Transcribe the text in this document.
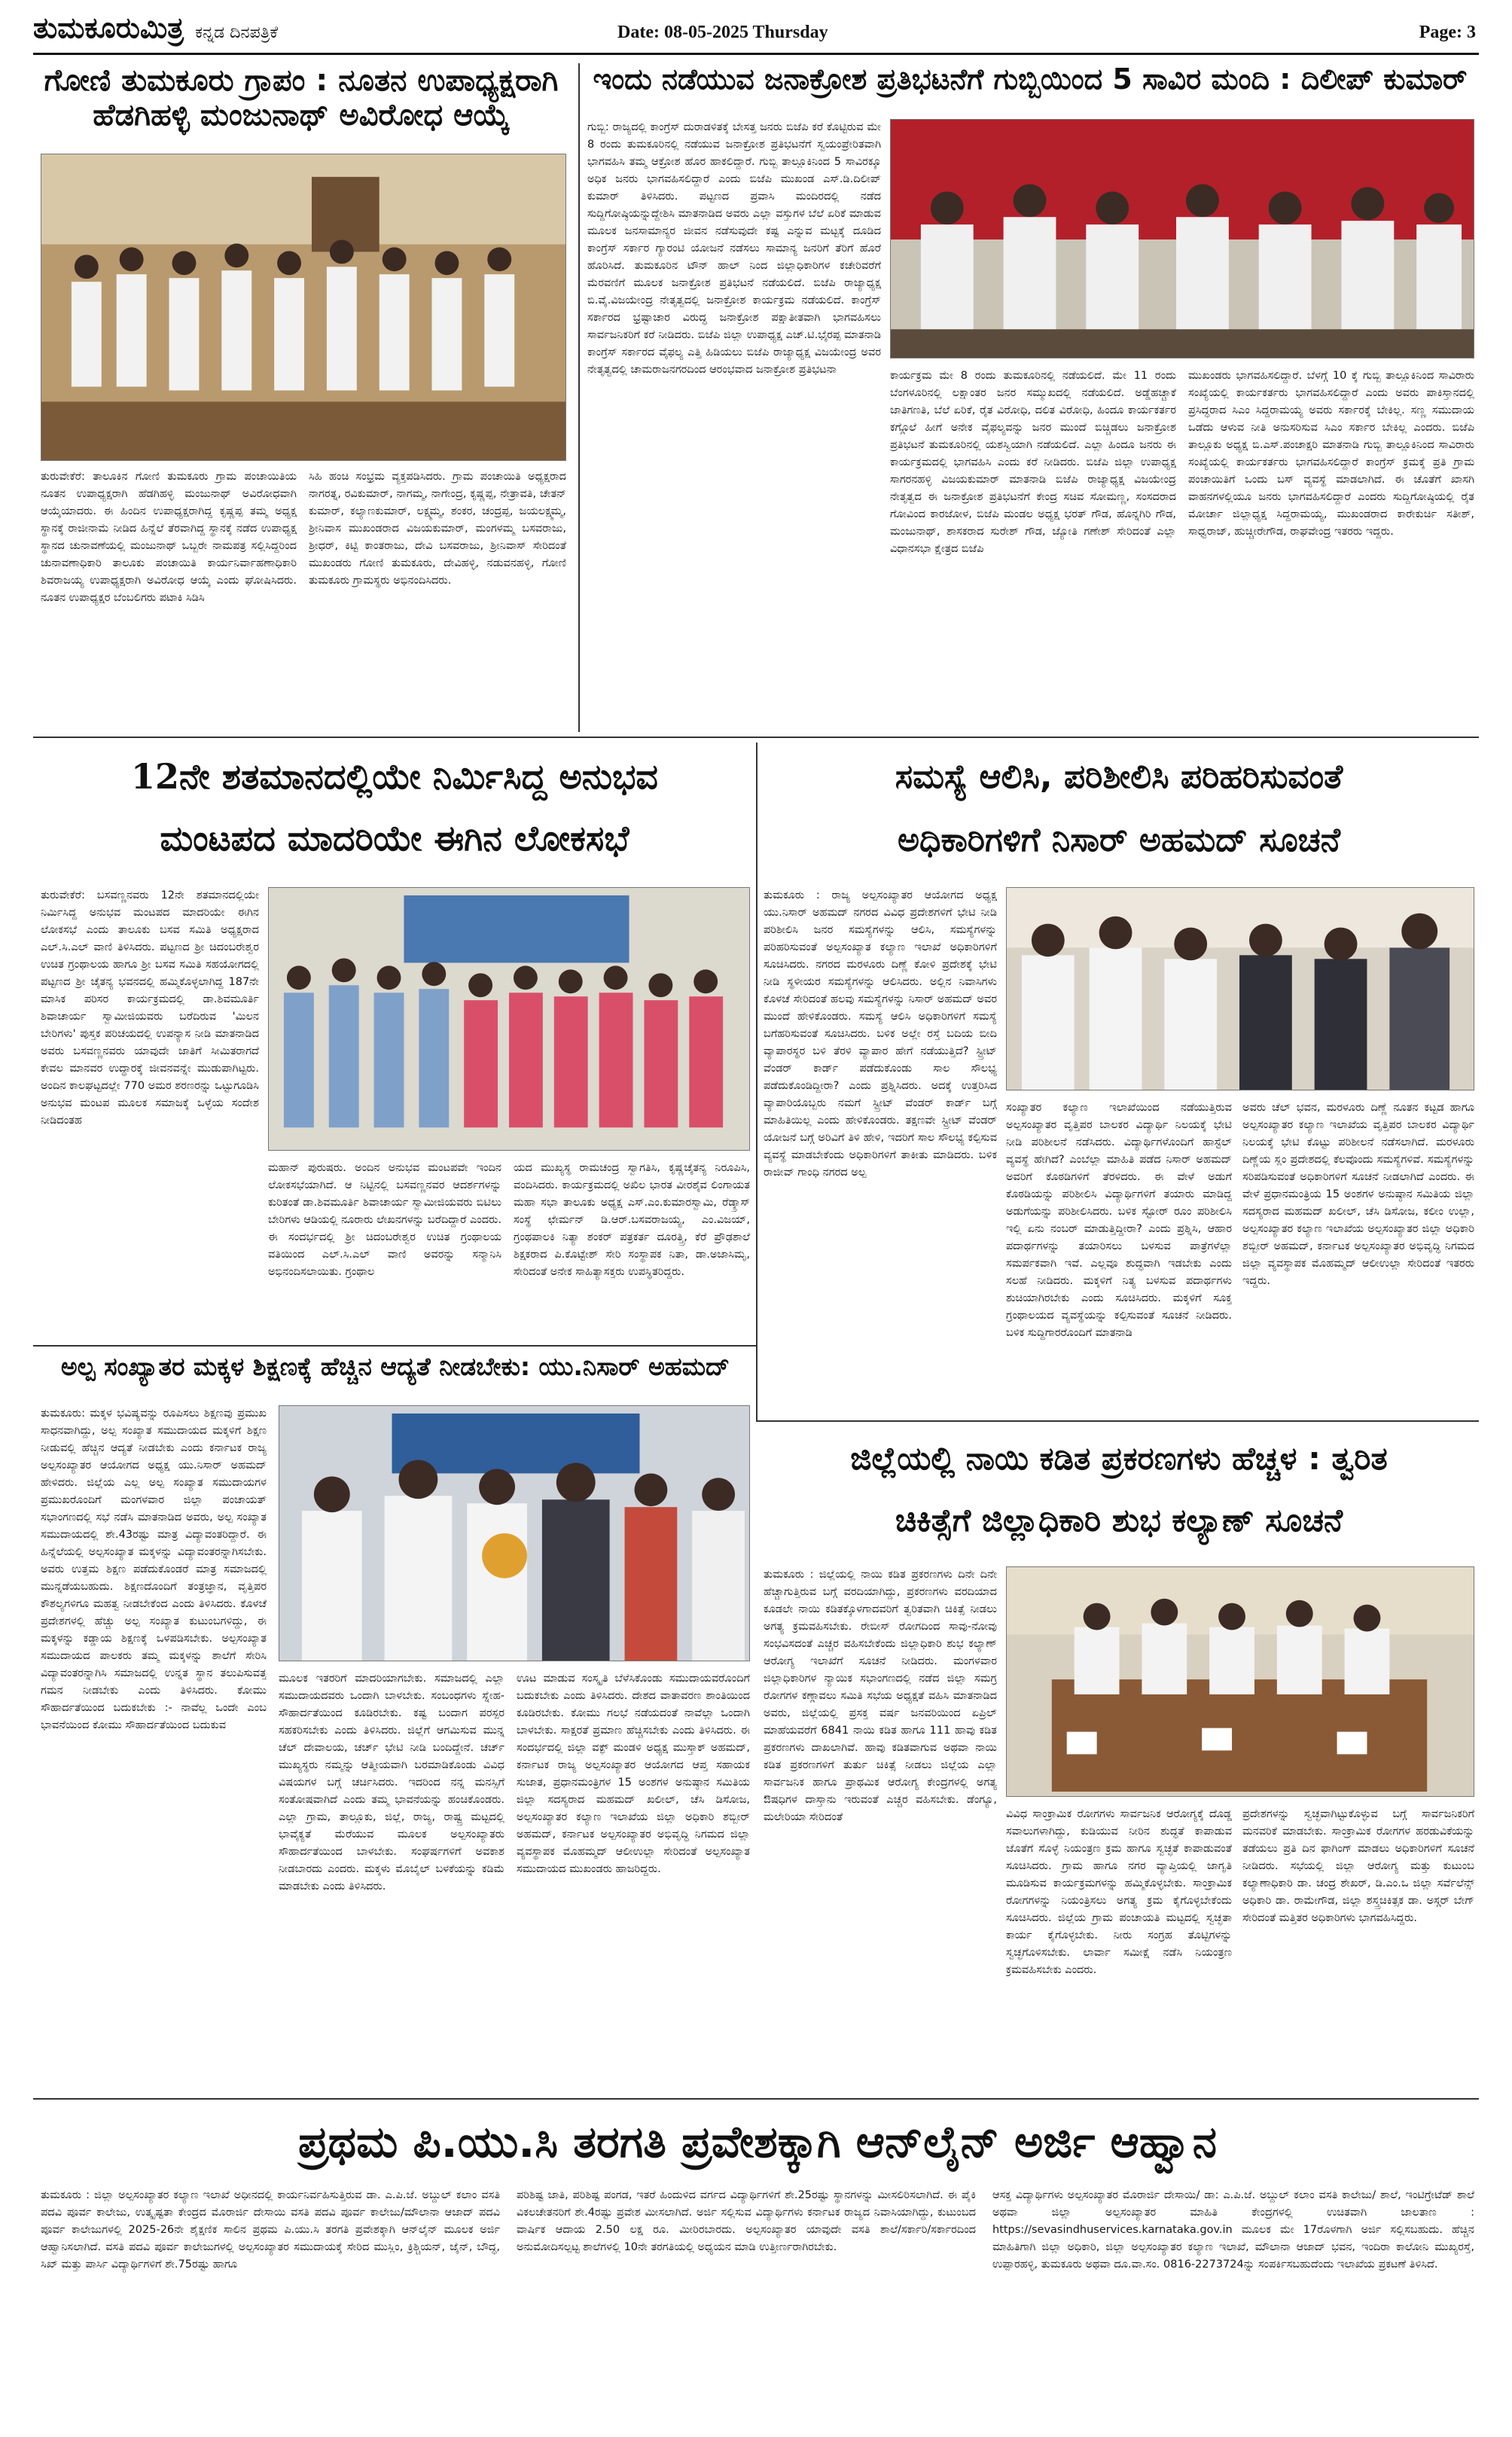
ತುಮಕೂರುಮಿತ್ರ ಕನ್ನಡ ದಿನಪತ್ರಿಕೆ	Date: 08-05-2025 Thursday	Page: 3
ಗೋಣಿ ತುಮಕೂರು ಗ್ರಾಪಂ : ನೂತನ ಉಪಾಧ್ಯಕ್ಷರಾಗಿ
ಹೆಡಗಿಹಳ್ಳಿ ಮಂಜುನಾಥ್ ಅವಿರೋಧ ಆಯ್ಕೆ
ತುರುವೇಕೆರೆ: ತಾಲೂಕಿನ ಗೋಣಿ ತುಮಕೂರು ಗ್ರಾಮ ಪಂಚಾಯಿತಿಯ ನೂತನ ಉಪಾಧ್ಯಕ್ಷರಾಗಿ ಹೆಡಗಿಹಳ್ಳಿ ಮಂಜುನಾಥ್ ಅವಿರೋಧವಾಗಿ ಆಯ್ಕೆಯಾದರು. ಈ ಹಿಂದಿನ ಉಪಾಧ್ಯಕ್ಷರಾಗಿದ್ದ ಕೃಷ್ಣಪ್ಪ ತಮ್ಮ ಅಧ್ಯಕ್ಷ ಸ್ಥಾನಕ್ಕೆ ರಾಜೀನಾಮೆ ನೀಡಿದ ಹಿನ್ನೆಲೆ ತೆರವಾಗಿದ್ದ ಸ್ಥಾನಕ್ಕೆ ನಡೆದ ಉಪಾಧ್ಯಕ್ಷ ಸ್ಥಾನದ ಚುನಾವಣೆಯಲ್ಲಿ ಮಂಜುನಾಥ್ ಒಬ್ಬರೇ ನಾಮಪತ್ರ ಸಲ್ಲಿಸಿದ್ದರಿಂದ ಚುನಾವಣಾಧಿಕಾರಿ ತಾಲೂಕು ಪಂಚಾಯಿತಿ ಕಾರ್ಯನಿರ್ವಾಹಣಾಧಿಕಾರಿ ಶಿವರಾಜಯ್ಯ ಉಪಾಧ್ಯಕ್ಷರಾಗಿ ಅವಿರೋಧ ಆಯ್ಕೆ ಎಂದು ಘೋಷಿಸಿದರು. ನೂತನ ಉಪಾಧ್ಯಕ್ಷರ ಬೆಂಬಲಿಗರು ಪಟಾಕಿ ಸಿಡಿಸಿ
ಸಿಹಿ ಹಂಚಿ ಸಂಭ್ರಮ ವ್ಯಕ್ತಪಡಿಸಿದರು. ಗ್ರಾಮ ಪಂಚಾಯಿತಿ ಅಧ್ಯಕ್ಷರಾದ ನಾಗರತ್ನ, ರವಿಕುಮಾರ್, ನಾಗಮ್ಮ, ನಾಗೇಂದ್ರ, ಕೃಷ್ಣಪ್ಪ, ನೇತ್ರಾವತಿ, ಚೇತನ್ ಕುಮಾರ್, ಕಲ್ಯಾಣಕುಮಾರ್, ಲಕ್ಷ್ಮಮ್ಮ, ಶಂಕರ, ಚಂದ್ರಪ್ಪ, ಜಯಲಕ್ಷ್ಮಮ್ಮ, ಶ್ರೀನಿವಾಸ ಮುಖಂಡರಾದ ವಿಜಯಕುಮಾರ್, ಮಂಗಳಮ್ಮ ಬಸವರಾಜು, ಶ್ರೀಧರ್, ಕಿಟ್ಟಿ ಕಾಂತರಾಜು, ದೇವಿ ಬಸವರಾಜು, ಶ್ರೀನಿವಾಸ್ ಸೇರಿದಂತೆ ಮುಖಂಡರು ಗೋಣಿ ತುಮಕೂರು, ದೇವಿಹಳ್ಳಿ, ನಡುವನಹಳ್ಳಿ, ಗೋಣಿ ತುಮಕೂರು ಗ್ರಾಮಸ್ಥರು ಅಭಿನಂದಿಸಿದರು.
ಇಂದು ನಡೆಯುವ ಜನಾಕ್ರೋಶ ಪ್ರತಿಭಟನೆಗೆ ಗುಬ್ಬಿಯಿಂದ 5 ಸಾವಿರ ಮಂದಿ : ದಿಲೀಪ್ ಕುಮಾರ್
ಗುಬ್ಬಿ: ರಾಜ್ಯದಲ್ಲಿ ಕಾಂಗ್ರೆಸ್ ದುರಾಡಳಿತಕ್ಕೆ ಬೇಸತ್ತ ಜನರು ಬಿಜೆಪಿ ಕರೆ ಕೊಟ್ಟಿರುವ ಮೇ 8 ರಂದು ತುಮಕೂರಿನಲ್ಲಿ ನಡೆಯುವ ಜನಾಕ್ರೋಶ ಪ್ರತಿಭಟನೆಗೆ ಸ್ವಯಂಪ್ರೇರಿತವಾಗಿ ಭಾಗವಹಿಸಿ ತಮ್ಮ ಆಕ್ರೋಶ ಹೊರ ಹಾಕಲಿದ್ದಾರೆ. ಗುಬ್ಬಿ ತಾಲ್ಲೂಕಿನಿಂದ 5 ಸಾವಿರಕ್ಕೂ ಅಧಿಕ ಜನರು ಭಾಗವಹಿಸಲಿದ್ದಾರೆ ಎಂದು ಬಿಜೆಪಿ ಮುಖಂಡ ಎಸ್.ಡಿ.ದಿಲೀಪ್ ಕುಮಾರ್ ತಿಳಿಸಿದರು. ಪಟ್ಟಣದ ಪ್ರವಾಸಿ ಮಂದಿರದಲ್ಲಿ ನಡೆದ ಸುದ್ದಿಗೋಷ್ಠಿಯನ್ನುದ್ದೇಶಿಸಿ ಮಾತನಾಡಿದ ಅವರು ಎಲ್ಲಾ ವಸ್ತುಗಳ ಬೆಲೆ ಏರಿಕೆ ಮಾಡುವ ಮೂಲಕ ಜನಸಾಮಾನ್ಯರ ಜೀವನ ನಡೆಸುವುದೇ ಕಷ್ಟ ಎನ್ನುವ ಮಟ್ಟಕ್ಕೆ ದೂಡಿದ ಕಾಂಗ್ರೆಸ್ ಸರ್ಕಾರ ಗ್ಯಾರಂಟಿ ಯೋಜನೆ ನಡೆಸಲು ಸಾಮಾನ್ಯ ಜನರಿಗೆ ತೆರಿಗೆ ಹೊರೆ ಹೊರಿಸಿದೆ. ತುಮಕೂರಿನ ಟೌನ್ ಹಾಲ್ ನಿಂದ ಜಿಲ್ಲಾಧಿಕಾರಿಗಳ ಕಚೇರಿವರೆಗೆ ಮೆರವಣಿಗೆ ಮೂಲಕ ಜನಾಕ್ರೋಶ ಪ್ರತಿಭಟನೆ ನಡೆಯಲಿದೆ. ಬಿಜೆಪಿ ರಾಜ್ಯಾಧ್ಯಕ್ಷ ಬಿ.ವೈ.ವಿಜಯೇಂದ್ರ ನೇತೃತ್ವದಲ್ಲಿ ಜನಾಕ್ರೋಶ ಕಾರ್ಯಕ್ರಮ ನಡೆಯಲಿದೆ. ಕಾಂಗ್ರೆಸ್ ಸರ್ಕಾರದ ಭ್ರಷ್ಟಾಚಾರ ವಿರುದ್ಧ ಜನಾಕ್ರೋಶ ಪಕ್ಷಾತೀತವಾಗಿ ಭಾಗವಹಿಸಲು ಸಾರ್ವಜನಿಕರಿಗೆ ಕರೆ ನೀಡಿದರು. ಬಿಜೆಪಿ ಜಿಲ್ಲಾ ಉಪಾಧ್ಯಕ್ಷ ಎಚ್.ಟಿ.ಭೈರಪ್ಪ ಮಾತನಾಡಿ ಕಾಂಗ್ರೆಸ್ ಸರ್ಕಾರದ ವೈಫಲ್ಯ ಎತ್ತಿ ಹಿಡಿಯಲು ಬಿಜೆಪಿ ರಾಜ್ಯಾಧ್ಯಕ್ಷ ವಿಜಯೇಂದ್ರ ಅವರ ನೇತೃತ್ವದಲ್ಲಿ ಚಾಮರಾಜನಗರದಿಂದ ಆರಂಭವಾದ ಜನಾಕ್ರೋಶ ಪ್ರತಿಭಟನಾ	ಕಾರ್ಯಕ್ರಮ ಮೇ 8 ರಂದು ತುಮಕೂರಿನಲ್ಲಿ ನಡೆಯಲಿದೆ. ಮೇ 11 ರಂದು ಬೆಂಗಳೂರಿನಲ್ಲಿ ಲಕ್ಷಾಂತರ ಜನರ ಸಮ್ಮುಖದಲ್ಲಿ ನಡೆಯಲಿದೆ. ಅಡ್ಡೆಹಚ್ಚಾಕೆ ಜಾತಿಗಣತಿ, ಬೆಲೆ ಏರಿಕೆ, ರೈತ ವಿರೋಧಿ, ದಲಿತ ವಿರೋಧಿ, ಹಿಂದೂ ಕಾರ್ಯಕರ್ತರ ಕಗ್ಗೊಲೆ ಹೀಗೆ ಅನೇಕ ವೈಫಲ್ಯವನ್ನು ಜನರ ಮುಂದೆ ಬಿಚ್ಚಿಡಲು ಜನಾಕ್ರೋಶ ಪ್ರತಿಭಟನೆ ತುಮಕೂರಿನಲ್ಲಿ ಯಶಸ್ವಿಯಾಗಿ ನಡೆಯಲಿದೆ. ಎಲ್ಲಾ ಹಿಂದೂ ಜನರು ಈ ಕಾರ್ಯಕ್ರಮದಲ್ಲಿ ಭಾಗವಹಿಸಿ ಎಂದು ಕರೆ ನೀಡಿದರು. ಬಿಜೆಪಿ ಜಿಲ್ಲಾ ಉಪಾಧ್ಯಕ್ಷ ಸಾಗರನಹಳ್ಳಿ ವಿಜಯಕುಮಾರ್ ಮಾತನಾಡಿ ಬಿಜೆಪಿ ರಾಜ್ಯಾಧ್ಯಕ್ಷ ವಿಜಯೇಂದ್ರ ನೇತೃತ್ವದ ಈ ಜನಾಕ್ರೋಶ ಪ್ರತಿಭಟನೆಗೆ ಕೇಂದ್ರ ಸಚಿವ ಸೋಮಣ್ಣ, ಸಂಸದರಾದ ಗೋವಿಂದ ಕಾರಜೋಳ, ಬಿಜೆಪಿ ಮಂಡಲ ಅಧ್ಯಕ್ಷ ಭರತ್ ಗೌಡ, ಹೊನ್ನಗಿರಿ ಗೌಡ, ಮಂಜುನಾಥ್, ಶಾಸಕರಾದ ಸುರೇಶ್ ಗೌಡ, ಜ್ಯೋತಿ ಗಣೇಶ್ ಸೇರಿದಂತೆ ಎಲ್ಲಾ ವಿಧಾನಸಭಾ ಕ್ಷೇತ್ರದ ಬಿಜೆಪಿ
ಮುಖಂಡರು ಭಾಗವಹಿಸಲಿದ್ದಾರೆ. ಬೆಳಗ್ಗೆ 10 ಕ್ಕೆ ಗುಬ್ಬಿ ತಾಲ್ಲೂಕಿನಿಂದ ಸಾವಿರಾರು ಸಂಖ್ಯೆಯಲ್ಲಿ ಕಾರ್ಯಕರ್ತರು ಭಾಗವಹಿಸಲಿದ್ದಾರೆ ಎಂದು ಅವರು ಪಾಕಿಸ್ತಾನದಲ್ಲಿ ಪ್ರಸಿದ್ಧರಾದ ಸಿಎಂ ಸಿದ್ದರಾಮಯ್ಯ ಅವರು ಸರ್ಕಾರಕ್ಕೆ ಬೇಕಿಲ್ಲ. ಸಣ್ಣ ಸಮುದಾಯ ಒಡೆದು ಆಳುವ ನೀತಿ ಅನುಸರಿಸುವ ಸಿಎಂ ಸರ್ಕಾರ ಬೇಕಿಲ್ಲ ಎಂದರು. ಬಿಜೆಪಿ ತಾಲ್ಲೂಕು ಅಧ್ಯಕ್ಷ ಬಿ.ಎಸ್.ಪಂಚಾಕ್ಷರಿ ಮಾತನಾಡಿ ಗುಬ್ಬಿ ತಾಲ್ಲೂಕಿನಿಂದ ಸಾವಿರಾರು ಸಂಖ್ಯೆಯಲ್ಲಿ ಕಾರ್ಯಕರ್ತರು ಭಾಗವಹಿಸಲಿದ್ದಾರೆ ಕಾಂಗ್ರೆಸ್ ಕ್ರಮಕ್ಕೆ ಪ್ರತಿ ಗ್ರಾಮ ಪಂಚಾಯಿತಿಗೆ ಒಂದು ಬಸ್ ವ್ಯವಸ್ಥೆ ಮಾಡಲಾಗಿದೆ. ಈ ಚೊತೆಗೆ ಖಾಸಗಿ ವಾಹನಗಳಲ್ಲಿಯೂ ಜನರು ಭಾಗವಹಿಸಲಿದ್ದಾರೆ ಎಂದರು ಸುದ್ದಿಗೋಷ್ಠಿಯಲ್ಲಿ ರೈತ ಮೋರ್ಚಾ ಜಿಲ್ಲಾಧ್ಯಕ್ಷ ಸಿದ್ದರಾಮಯ್ಯ, ಮುಖಂಡರಾದ ಕಾರೇಕುರ್ಚಿ ಸತೀಶ್, ಸಾಧ್ವರಾಜ್, ಹುಚ್ಚೀರೇಗೌಡ, ರಾಘವೇಂದ್ರ ಇತರರು ಇದ್ದರು.
12ನೇ ಶತಮಾನದಲ್ಲಿಯೇ ನಿರ್ಮಿಸಿದ್ದ ಅನುಭವ
ಮಂಟಪದ ಮಾದರಿಯೇ ಈಗಿನ ಲೋಕಸಭೆ
ತುರುವೇಕೆರೆ: ಬಸವಣ್ಣನವರು 12ನೇ ಶತಮಾನದಲ್ಲಿಯೇ ನಿರ್ಮಿಸಿದ್ದ ಅನುಭವ ಮಂಟಪದ ಮಾದರಿಯೇ ಈಗಿನ ಲೋಕಸಭೆ ಎಂದು ತಾಲೂಕು ಬಸವ ಸಮಿತಿ ಅಧ್ಯಕ್ಷರಾದ ಎಲ್.ಸಿ.ಎಲ್ ವಾಣಿ ತಿಳಿಸಿದರು. ಪಟ್ಟಣದ ಶ್ರೀ ಚಿದಂಬರೇಶ್ವರ ಉಚಿತ ಗ್ರಂಥಾಲಯ ಹಾಗೂ ಶ್ರೀ ಬಸವ ಸಮಿತಿ ಸಹಯೋಗದಲ್ಲಿ ಪಟ್ಟಣದ ಶ್ರೀ ಚೈತನ್ಯ ಭವನದಲ್ಲಿ ಹಮ್ಮಿಕೊಳ್ಳಲಾಗಿದ್ದ 187ನೇ ಮಾಸಿಕ ಪರಿಸರ ಕಾರ್ಯಕ್ರಮದಲ್ಲಿ ಡಾ.ಶಿವಮೂರ್ತಿ ಶಿವಾಚಾರ್ಯ ಸ್ವಾಮೀಜಿಯವರು ಬರೆದಿರುವ 'ಮಿಲನ ಬೇರಿಗಳು' ಪುಸ್ತಕ ಪರಿಚಯದಲ್ಲಿ ಉಪನ್ಯಾಸ ನೀಡಿ ಮಾತನಾಡಿದ ಅವರು ಬಸವಣ್ಣನವರು ಯಾವುದೇ ಜಾತಿಗೆ ಸೀಮಿತರಾಗದೆ ಕೇವಲ ಮಾನವರ ಉದ್ಧಾರಕ್ಕೆ ಜೀವನವನ್ನೇ ಮುಡುಪಾಗಿಟ್ಟರು. ಅಂದಿನ ಕಾಲಘಟ್ಟದಲ್ಲೇ 770 ಅಮರ ಶರಣರನ್ನು ಒಟ್ಟುಗೂಡಿಸಿ ಅನುಭವ ಮಂಟಪ ಮೂಲಕ ಸಮಾಜಕ್ಕೆ ಒಳ್ಳೆಯ ಸಂದೇಶ ನೀಡಿದಂತಹ
ಮಹಾನ್ ಪುರುಷರು. ಅಂದಿನ ಅನುಭವ ಮಂಟಪವೇ ಇಂದಿನ ಲೋಕಸಭೆಯಾಗಿದೆ. ಆ ನಿಟ್ಟಿನಲ್ಲಿ ಬಸವಣ್ಣನವರ ಆದರ್ಶಗಳನ್ನು ಕುರಿತಂತೆ ಡಾ.ಶಿವಮೂರ್ತಿ ಶಿವಾಚಾರ್ಯ ಸ್ವಾಮೀಜಿಯವರು ಬಿಟಿಲು ಬೇರಿಗಳು ಆಡಿಯಲ್ಲಿ ನೂರಾರು ಲೇಖನಗಳನ್ನು ಬರೆದಿದ್ದಾರೆ ಎಂದರು. ಈ ಸಂದರ್ಭದಲ್ಲಿ ಶ್ರೀ ಚಿದಂಬರೇಶ್ವರ ಉಚಿತ ಗ್ರಂಥಾಲಯ ವತಿಯಿಂದ ಎಲ್.ಸಿ.ಎಲ್ ವಾಣಿ ಅವರನ್ನು ಸನ್ಮಾನಿಸಿ ಅಭಿನಂದಿಸಲಾಯಿತು. ಗ್ರಂಥಾಲ
ಯದ ಮುಖ್ಯಸ್ಥ ರಾಮಚಂದ್ರ ಸ್ವಾಗತಿಸಿ, ಕೃಷ್ಣಚೈತನ್ಯ ನಿರೂಪಿಸಿ, ವಂದಿಸಿದರು. ಕಾರ್ಯಕ್ರಮದಲ್ಲಿ ಅಖಿಲ ಭಾರತ ವೀರಶೈವ ಲಿಂಗಾಯತ ಮಹಾ ಸಭಾ ತಾಲೂಕು ಅಧ್ಯಕ್ಷ ಎಸ್.ಎಂ.ಕುಮಾರಸ್ವಾಮಿ, ರೆಡ್ಕ್ರಾಸ್ ಸಂಸ್ಥೆ ಛೇರ್ಮನ್ ಡಿ.ಆರ್.ಬಸವರಾಜಯ್ಯ, ಎಂ.ವಿಜಯ್, ಗ್ರಂಥಪಾಲಕಿ ನಿತ್ಯಾ ಶಂಕರ್ ಪತ್ರಕರ್ತ ದೂರತ್ತ್ರಿ, ಕೆರೆ ಪ್ರೌಢಶಾಲೆ ಶಿಕ್ಷಕರಾದ ಪಿ.ಕೊಟ್ಟೇಶ್ ಸೇರಿ ಸಂಸ್ಥಾಪಕ ನಿತಾ, ಡಾ.ಅಜಾಸಿಮೃ, ಸೇರಿದಂತೆ ಅನೇಕ ಸಾಹಿತ್ಯಾಸಕ್ತರು ಉಪಸ್ಥಿತರಿದ್ದರು.
ಸಮಸ್ಯೆ ಆಲಿಸಿ, ಪರಿಶೀಲಿಸಿ ಪರಿಹರಿಸುವಂತೆ
ಅಧಿಕಾರಿಗಳಿಗೆ ನಿಸಾರ್ ಅಹಮದ್ ಸೂಚನೆ
ತುಮಕೂರು : ರಾಜ್ಯ ಅಲ್ಪಸಂಖ್ಯಾತರ ಆಯೋಗದ ಅಧ್ಯಕ್ಷ ಯು.ನಿಸಾರ್ ಅಹಮದ್ ನಗರದ ವಿವಿಧ ಪ್ರದೇಶಗಳಿಗೆ ಭೇಟಿ ನೀಡಿ ಪರಿಶೀಲಿಸಿ ಜನರ ಸಮಸ್ಯೆಗಳನ್ನು ಆಲಿಸಿ, ಸಮಸ್ಯೆಗಳನ್ನು ಪರಿಹರಿಸುವಂತೆ ಅಲ್ಪಸಂಖ್ಯಾತ ಕಲ್ಯಾಣ ಇಲಾಖೆ ಅಧಿಕಾರಿಗಳಿಗೆ ಸೂಚಿಸಿದರು. ನಗರದ ಮರಳೂರು ದಿಣ್ಣೆ ಕೋಳಿ ಪ್ರದೇಶಕ್ಕೆ ಭೇಟಿ ನೀಡಿ ಸ್ಥಳೀಯರ ಸಮಸ್ಯೆಗಳನ್ನು ಆಲಿಸಿದರು. ಅಲ್ಲಿನ ನಿವಾಸಿಗಳು ಕೊಳಚೆ ಸೇರಿದಂತೆ ಹಲವು ಸಮಸ್ಯೆಗಳನ್ನು ನಿಸಾರ್ ಅಹಮದ್ ಅವರ ಮುಂದೆ ಹೇಳಿಕೊಂಡರು. ಸಮಸ್ಯೆ ಆಲಿಸಿ ಅಧಿಕಾರಿಗಳಿಗೆ ಸಮಸ್ಯೆ ಬಗೆಹರಿಸುವಂತೆ ಸೂಚಿಸಿದರು. ಬಳಿಕ ಅಲ್ಲೇ ರಸ್ತೆ ಬದಿಯ ಬೀದಿ ವ್ಯಾಪಾರಸ್ಥರ ಬಳಿ ತೆರಳಿ ವ್ಯಾಪಾರ ಹೇಗೆ ನಡೆಯುತ್ತಿದೆ? ಸ್ಟ್ರೀಟ್ ವೆಂಡರ್ ಕಾರ್ಡ್ ಪಡೆದುಕೊಂಡು ಸಾಲ ಸೌಲಭ್ಯ ಪಡೆದುಕೊಂಡಿದ್ದೀರಾ? ಎಂದು ಪ್ರಶ್ನಿಸಿದರು. ಅದಕ್ಕೆ ಉತ್ತರಿಸಿದ ವ್ಯಾಪಾರಿಯೊಬ್ಬರು ನಮಗೆ ಸ್ಟ್ರೀಟ್ ವೆಂಡರ್ ಕಾರ್ಡ್ ಬಗ್ಗೆ ಮಾಹಿತಿಯಿಲ್ಲ ಎಂದು ಹೇಳಿಕೊಂಡರು. ತಕ್ಷಣವೇ ಸ್ಟ್ರೀಟ್ ವೆಂಡರ್ ಯೋಜನೆ ಬಗ್ಗೆ ಅರಿವಿಗೆ ತಿಳಿ ಹೇಳಿ, ಇದರಿಗೆ ಸಾಲ ಸೌಲಭ್ಯ ಕಲ್ಪಿಸುವ ವ್ಯವಸ್ಥೆ ಮಾಡಬೇಕೆಂದು ಅಧಿಕಾರಿಗಳಿಗೆ ತಾಕೀತು ಮಾಡಿದರು. ಬಳಿಕ ರಾಜೀವ್ ಗಾಂಧಿ ನಗರದ ಅಲ್ಪ
ಸಂಖ್ಯಾತರ ಕಲ್ಯಾಣ ಇಲಾಖೆಯಿಂದ ನಡೆಯುತ್ತಿರುವ ಅಲ್ಪಸಂಖ್ಯಾತರ ವೃತ್ತಿಪರ ಬಾಲಕರ ವಿದ್ಯಾರ್ಥಿ ನಿಲಯಕ್ಕೆ ಭೇಟಿ ನೀಡಿ ಪರಿಶೀಲನೆ ನಡೆಸಿದರು. ವಿದ್ಯಾರ್ಥಿಗಳೊಂದಿಗೆ ಹಾಸ್ಟೆಲ್ ವ್ಯವಸ್ಥೆ ಹೇಗಿದೆ? ಎಂಬೆಲ್ಲಾ ಮಾಹಿತಿ ಪಡೆದ ನಿಸಾರ್ ಅಹಮದ್ ಅವರಿಗೆ ಕೊಠಡಿಗಳಿಗೆ ತೆರಳಿದರು. ಈ ವೇಳೆ ಅಡುಗೆ ಕೊಠಡಿಯನ್ನು ಪರಿಶೀಲಿಸಿ ವಿದ್ಯಾರ್ಥಿಗಳಿಗೆ ತಯಾರು ಮಾಡಿದ್ದ ಅಡುಗೆಯನ್ನು ಪರಿಶೀಲಿಸಿದರು. ಬಳಿಕ ಸ್ಟೋರ್ ರೂಂ ಪರಿಶೀಲಿಸಿ ಇಲ್ಲಿ ಏನು ನಂಬರ್ ಮಾಡುತ್ತಿದ್ದೀರಾ? ಎಂದು ಪ್ರಶ್ನಿಸಿ, ಆಹಾರ ಪದಾರ್ಥಗಳನ್ನು ತಯಾರಿಸಲು ಬಳಸುವ ಪಾತ್ರೆಗಳೆಲ್ಲಾ ಸಮರ್ಪಕವಾಗಿ ಇವೆ. ಎಲ್ಲವೂ ಶುದ್ಧವಾಗಿ ಇಡಬೇಕು ಎಂದು ಸಲಹೆ ನೀಡಿದರು. ಮಕ್ಕಳಿಗೆ ನಿತ್ಯ ಬಳಸುವ ಪದಾರ್ಥಗಳು ಶುಚಿಯಾಗಿರಬೇಕು ಎಂದು ಸೂಚಿಸಿದರು. ಮಕ್ಕಳಿಗೆ ಸೂಕ್ತ ಗ್ರಂಥಾಲಯದ ವ್ಯವಸ್ಥೆಯನ್ನು ಕಲ್ಪಿಸುವಂತೆ ಸೂಚನೆ ನೀಡಿದರು. ಬಳಿಕ ಸುದ್ದಿಗಾರರೊಂದಿಗೆ ಮಾತನಾಡಿ
ಅವರು ಚೆಲ್ ಭವನ, ಮರಳೂರು ದಿಣ್ಣೆ ನೂತನ ಕಟ್ಟಡ ಹಾಗೂ ಅಲ್ಪಸಂಖ್ಯಾತರ ಕಲ್ಯಾಣ ಇಲಾಖೆಯ ವೃತ್ತಿಪರ ಬಾಲಕರ ವಿದ್ಯಾರ್ಥಿ ನಿಲಯಕ್ಕೆ ಭೇಟಿ ಕೊಟ್ಟು ಪರಿಶೀಲನೆ ನಡೆಸಲಾಗಿದೆ. ಮರಳೂರು ದಿಣ್ಣೆಯ ಸ್ಲಂ ಪ್ರದೇಶದಲ್ಲಿ ಕೆಲವೊಂದು ಸಮಸ್ಯೆಗಳಿವೆ. ಸಮಸ್ಯೆಗಳನ್ನು ಸರಿಪಡಿಸುವಂತೆ ಅಧಿಕಾರಿಗಳಿಗೆ ಸೂಚನೆ ನೀಡಲಾಗಿದೆ ಎಂದರು. ಈ ವೇಳೆ ಪ್ರಧಾನಮಂತ್ರಿಯ 15 ಅಂಶಗಳ ಅನುಷ್ಠಾನ ಸಮಿತಿಯ ಜಿಲ್ಲಾ ಸದಸ್ಯರಾದ ಮಹಮದ್ ಖಲೀಲ್, ಚೆಸಿ ಡಿಸೋಜ, ಕಲೀಂ ಉಲ್ಲಾ, ಅಲ್ಪಸಂಖ್ಯಾತರ ಕಲ್ಯಾಣ ಇಲಾಖೆಯ ಅಲ್ಪಸಂಖ್ಯಾತರ ಜಿಲ್ಲಾ ಅಧಿಕಾರಿ ಶಬ್ಬೀರ್ ಅಹಮದ್, ಕರ್ನಾಟಕ ಅಲ್ಪಸಂಖ್ಯಾತರ ಅಭಿವೃದ್ಧಿ ನಿಗಮದ ಜಿಲ್ಲಾ ವ್ಯವಸ್ಥಾಪಕ ಮೊಹಮ್ಮದ್ ಆಲೀಉಲ್ಲಾ ಸೇರಿದಂತೆ ಇತರರು ಇದ್ದರು.
ಅಲ್ಪ ಸಂಖ್ಯಾತರ ಮಕ್ಕಳ ಶಿಕ್ಷಣಕ್ಕೆ ಹೆಚ್ಚಿನ ಆದ್ಯತೆ ನೀಡಬೇಕು: ಯು.ನಿಸಾರ್ ಅಹಮದ್
ತುಮಕೂರು: ಮಕ್ಕಳ ಭವಿಷ್ಯವನ್ನು ರೂಪಿಸಲು ಶಿಕ್ಷಣವು ಪ್ರಮುಖ ಸಾಧನವಾಗಿದ್ದು, ಅಲ್ಪ ಸಂಖ್ಯಾತ ಸಮುದಾಯದ ಮಕ್ಕಳಿಗೆ ಶಿಕ್ಷಣ ನೀಡುವಲ್ಲಿ ಹೆಚ್ಚಿನ ಆದ್ಯತೆ ನೀಡಬೇಕು ಎಂದು ಕರ್ನಾಟಕ ರಾಜ್ಯ ಅಲ್ಪಸಂಖ್ಯಾತರ ಆಯೋಗದ ಅಧ್ಯಕ್ಷ ಯು.ನಿಸಾರ್ ಅಹಮದ್ ಹೇಳಿದರು. ಜಿಲ್ಲೆಯ ಎಲ್ಲ ಅಲ್ಪ ಸಂಖ್ಯಾತ ಸಮುದಾಯಗಳ ಪ್ರಮುಖರೊಂದಿಗೆ ಮಂಗಳವಾರ ಜಿಲ್ಲಾ ಪಂಚಾಯತ್ ಸಭಾಂಗಣದಲ್ಲಿ ಸಭೆ ನಡೆಸಿ ಮಾತನಾಡಿದ ಅವರು, ಅಲ್ಪ ಸಂಖ್ಯಾತ ಸಮುದಾಯದಲ್ಲಿ ಶೇ.43ರಷ್ಟು ಮಾತ್ರ ವಿದ್ಯಾವಂತರಿದ್ದಾರೆ. ಈ ಹಿನ್ನೆಲೆಯಲ್ಲಿ ಅಲ್ಪಸಂಖ್ಯಾತ ಮಕ್ಕಳನ್ನು ವಿದ್ಯಾವಂತರನ್ನಾಗಿಸಬೇಕು. ಅವರು ಉತ್ತಮ ಶಿಕ್ಷಣ ಪಡೆದುಕೊಂಡರೆ ಮಾತ್ರ ಸಮಾಜದಲ್ಲಿ ಮುನ್ನಡೆಯಬಹುದು. ಶಿಕ್ಷಣದೊಂದಿಗೆ ತಂತ್ರಜ್ಞಾನ, ವೃತ್ತಿಪರ ಕೌಶಲ್ಯಗಳಿಗೂ ಮಹತ್ವ ನೀಡಬೇಕೆಂದ ಎಂದು ತಿಳಿಸಿದರು. ಕೊಳಚೆ ಪ್ರದೇಶಗಳಲ್ಲಿ ಹೆಚ್ಚು ಅಲ್ಪ ಸಂಖ್ಯಾತ ಕುಟುಂಬಗಳಿದ್ದು, ಈ ಮಕ್ಕಳನ್ನು ಕಡ್ಡಾಯ ಶಿಕ್ಷಣಕ್ಕೆ ಒಳಪಡಿಸಬೇಕು. ಅಲ್ಪಸಂಖ್ಯಾತ ಸಮುದಾಯದ ಪಾಲಕರು ತಮ್ಮ ಮಕ್ಕಳನ್ನು ಶಾಲೆಗೆ ಸೇರಿಸಿ ವಿದ್ಯಾವಂತರನ್ನಾಗಿಸಿ ಸಮಾಜದಲ್ಲಿ ಉನ್ನತ ಸ್ಥಾನ ತಲುಪಿಸುವತ್ತ ಗಮನ ನೀಡಬೇಕು ಎಂದು ತಿಳಿಸಿದರು. ಕೋಮು ಸೌಹಾರ್ದತೆಯಿಂದ ಬದುಕಬೇಕು :- ನಾವೆಲ್ಲ ಒಂದೇ ಎಂಬ ಭಾವನೆಯಿಂದ ಕೋಮು ಸೌಹಾರ್ದತೆಯಿಂದ ಬದುಕುವ
ಮೂಲಕ ಇತರರಿಗೆ ಮಾದರಿಯಾಗಬೇಕು. ಸಮಾಜದಲ್ಲಿ ಎಲ್ಲಾ ಸಮುದಾಯದವರು ಒಂದಾಗಿ ಬಾಳಬೇಕು. ಸಂಬಂಧಗಳು ಸ್ನೇಹ-ಸೌಹಾರ್ದತೆಯಿಂದ ಕೂಡಿರಬೇಕು. ಕಷ್ಟ ಬಂದಾಗ ಪರಸ್ಪರ ಸಹಕರಿಸಬೇಕು ಎಂದು ತಿಳಿಸಿದರು. ಜಿಲ್ಲೆಗೆ ಆಗಮಿಸುವ ಮುನ್ನ ಚೆಲ್ ದೇವಾಲಯ, ಚರ್ಚ್ ಭೇಟಿ ನೀಡಿ ಬಂದಿದ್ದೇನೆ. ಚರ್ಚ್ ಮುಖ್ಯಸ್ಥರು ನಮ್ಮನ್ನು ಆತ್ಮೀಯವಾಗಿ ಬರಮಾಡಿಕೊಂಡು ವಿವಿಧ ವಿಷಯಗಳ ಬಗ್ಗೆ ಚರ್ಚಿಸಿದರು. ಇದರಿಂದ ನನ್ನ ಮನಸ್ಸಿಗೆ ಸಂತೋಷವಾಗಿದೆ ಎಂದು ತಮ್ಮ ಭಾವನೆಯನ್ನು ಹಂಚಿಕೊಂಡರು. ಎಲ್ಲಾ ಗ್ರಾಮ, ತಾಲ್ಲೂಕು, ಜಿಲ್ಲೆ, ರಾಜ್ಯ, ರಾಷ್ಟ್ರ ಮಟ್ಟದಲ್ಲಿ ಭಾವೈಕ್ಯತೆ ಮೆರೆಯುವ ಮೂಲಕ ಅಲ್ಪಸಂಖ್ಯಾತರು ಸೌಹಾರ್ದತೆಯಿಂದ ಬಾಳಬೇಕು. ಸಂಘರ್ಷಗಳಿಗೆ ಅವಕಾಶ ನೀಡಬಾರದು ಎಂದರು. ಮಕ್ಕಳು ಮೊಬೈಲ್ ಬಳಕೆಯನ್ನು ಕಡಿಮೆ ಮಾಡಬೇಕು ಎಂದು ತಿಳಿಸಿದರು.
ಊಟ ಮಾಡುವ ಸಂಸ್ಕೃತಿ ಬೆಳೆಸಿಕೊಂಡು ಸಮುದಾಯವರೊಂದಿಗೆ ಬದುಕಬೇಕು ಎಂದು ತಿಳಿಸಿದರು. ದೇಶದ ವಾತಾವರಣ ಶಾಂತಿಯಿಂದ ಕೂಡಿರಬೇಕು. ಕೋಮು ಗಲಭೆ ನಡೆಯದಂತೆ ನಾವೆಲ್ಲಾ ಒಂದಾಗಿ ಬಾಳಬೇಕು. ಸಾಕ್ಷರತೆ ಪ್ರಮಾಣ ಹೆಚ್ಚಿಸಬೇಕು ಎಂದು ತಿಳಿಸಿದರು. ಈ ಸಂದರ್ಭದಲ್ಲಿ ಜಿಲ್ಲಾ ವಕ್ಫ್ ಮಂಡಳಿ ಅಧ್ಯಕ್ಷ ಮುಸ್ತಾಕ್ ಅಹಮದ್, ಕರ್ನಾಟಕ ರಾಜ್ಯ ಅಲ್ಪಸಂಖ್ಯಾತರ ಆಯೋಗದ ಆಪ್ತ ಸಹಾಯಕ ಸುಜಾತ, ಪ್ರಧಾನಮಂತ್ರಿಗಳ 15 ಅಂಶಗಳ ಅನುಷ್ಠಾನ ಸಮಿತಿಯ ಜಿಲ್ಲಾ ಸದಸ್ಯರಾದ ಮಹಮದ್ ಖಲೀಲ್, ಚೆಸಿ ಡಿಸೋಜ, ಅಲ್ಪಸಂಖ್ಯಾತರ ಕಲ್ಯಾಣ ಇಲಾಖೆಯ ಜಿಲ್ಲಾ ಅಧಿಕಾರಿ ಶಬ್ಬೀರ್ ಅಹಮದ್, ಕರ್ನಾಟಕ ಅಲ್ಪಸಂಖ್ಯಾತರ ಅಭಿವೃದ್ಧಿ ನಿಗಮದ ಜಿಲ್ಲಾ ವ್ಯವಸ್ಥಾಪಕ ಮೊಹಮ್ಮದ್ ಆಲೀಉಲ್ಲಾ ಸೇರಿದಂತೆ ಅಲ್ಪಸಂಖ್ಯಾತ ಸಮುದಾಯದ ಮುಖಂಡರು ಹಾಜರಿದ್ದರು.
ಜಿಲ್ಲೆಯಲ್ಲಿ ನಾಯಿ ಕಡಿತ ಪ್ರಕರಣಗಳು ಹೆಚ್ಚಳ : ತ್ವರಿತ
ಚಿಕಿತ್ಸೆಗೆ ಜಿಲ್ಲಾಧಿಕಾರಿ ಶುಭ ಕಲ್ಯಾಣ್ ಸೂಚನೆ
ತುಮಕೂರು : ಜಿಲ್ಲೆಯಲ್ಲಿ ನಾಯಿ ಕಡಿತ ಪ್ರಕರಣಗಳು ದಿನೇ ದಿನೇ ಹೆಚ್ಚಾಗುತ್ತಿರುವ ಬಗ್ಗೆ ವರದಿಯಾಗಿದ್ದು, ಪ್ರಕರಣಗಳು ವರದಿಯಾದ ಕೂಡಲೇ ನಾಯಿ ಕಡಿತಕ್ಕೊಳಗಾದವರಿಗೆ ತ್ವರಿತವಾಗಿ ಚಿಕಿತ್ಸೆ ನೀಡಲು ಅಗತ್ಯ ಕ್ರಮವಹಿಸಬೇಕು. ರೇಬೀಸ್ ರೋಗದಿಂದ ಸಾವು-ನೋವು ಸಂಭವಿಸದಂತೆ ಎಚ್ಚರ ವಹಿಸಬೇಕೆಂದು ಜಿಲ್ಲಾಧಿಕಾರಿ ಶುಭ ಕಲ್ಯಾಣ್ ಆರೋಗ್ಯ ಇಲಾಖೆಗೆ ಸೂಚನೆ ನೀಡಿದರು. ಮಂಗಳವಾರ ಜಿಲ್ಲಾಧಿಕಾರಿಗಳ ನ್ಯಾಯಿಕ ಸಭಾಂಗಣದಲ್ಲಿ ನಡೆದ ಜಿಲ್ಲಾ ಸಮಗ್ರ ರೋಗಗಳ ಕಣ್ಗಾವಲು ಸಮಿತಿ ಸಭೆಯ ಅಧ್ಯಕ್ಷತೆ ವಹಿಸಿ ಮಾತನಾಡಿದ ಅವರು, ಜಿಲ್ಲೆಯಲ್ಲಿ ಪ್ರಸಕ್ತ ವರ್ಷ ಜನವರಿಯಿಂದ ಏಪ್ರಿಲ್ ಮಾಹೆಯವರೆಗೆ 6841 ನಾಯಿ ಕಡಿತ ಹಾಗೂ 111 ಹಾವು ಕಡಿತ ಪ್ರಕರಣಗಳು ದಾಖಲಾಗಿವೆ. ಹಾವು ಕಡಿತವಾಗುವ ಅಥವಾ ನಾಯಿ ಕಡಿತ ಪ್ರಕರಣಗಳಿಗೆ ತುರ್ತು ಚಿಕಿತ್ಸೆ ನೀಡಲು ಜಿಲ್ಲೆಯ ಎಲ್ಲಾ ಸಾರ್ವಜನಿಕ ಹಾಗೂ ಪ್ರಾಥಮಿಕ ಆರೋಗ್ಯ ಕೇಂದ್ರಗಳಲ್ಲಿ ಅಗತ್ಯ ಔಷಧಿಗಳ ದಾಸ್ತಾನು ಇರುವಂತೆ ಎಚ್ಚರ ವಹಿಸಬೇಕು. ಡೆಂಗ್ಯೂ, ಮಲೇರಿಯಾ ಸೇರಿದಂತೆ	ವಿವಿಧ ಸಾಂಕ್ರಾಮಿಕ ರೋಗಗಳು ಸಾರ್ವಜನಿಕ ಆರೋಗ್ಯಕ್ಕೆ ದೊಡ್ಡ ಸವಾಲುಗಳಾಗಿದ್ದು, ಕುಡಿಯುವ ನೀರಿನ ಶುದ್ಧತೆ ಕಾಪಾಡುವ ಜೊತೆಗೆ ಸೊಳ್ಳೆ ನಿಯಂತ್ರಣ ಕ್ರಮ ಹಾಗೂ ಸ್ವಚ್ಛತೆ ಕಾಪಾಡುವಂತೆ ಸೂಚಿಸಿದರು. ಗ್ರಾಮ ಹಾಗೂ ನಗರ ವ್ಯಾಪ್ತಿಯಲ್ಲಿ ಜಾಗೃತಿ ಮೂಡಿಸುವ ಕಾರ್ಯಕ್ರಮಗಳನ್ನು ಹಮ್ಮಿಕೊಳ್ಳಬೇಕು. ಸಾಂಕ್ರಾಮಿಕ ರೋಗಗಳನ್ನು ನಿಯಂತ್ರಿಸಲು ಅಗತ್ಯ ಕ್ರಮ ಕೈಗೊಳ್ಳಬೇಕೆಂದು ಸೂಚಿಸಿದರು. ಜಿಲ್ಲೆಯ ಗ್ರಾಮ ಪಂಚಾಯತಿ ಮಟ್ಟದಲ್ಲಿ ಸ್ವಚ್ಛತಾ ಕಾರ್ಯ ಕೈಗೊಳ್ಳಬೇಕು. ನೀರು ಸಂಗ್ರಹ ತೊಟ್ಟಿಗಳನ್ನು ಸ್ವಚ್ಛಗೊಳಿಸಬೇಕು. ಲಾರ್ವಾ ಸಮೀಕ್ಷೆ ನಡೆಸಿ ನಿಯಂತ್ರಣ ಕ್ರಮವಹಿಸಬೇಕು ಎಂದರು.
ಪ್ರದೇಶಗಳನ್ನು ಸ್ವಚ್ಛವಾಗಿಟ್ಟುಕೊಳ್ಳುವ ಬಗ್ಗೆ ಸಾರ್ವಜನಿಕರಿಗೆ ಮನವರಿಕೆ ಮಾಡಬೇಕು. ಸಾಂಕ್ರಾಮಿಕ ರೋಗಗಳ ಹರಡುವಿಕೆಯನ್ನು ತಡೆಯಲು ಪ್ರತಿ ದಿನ ಫಾಗಿಂಗ್ ಮಾಡಲು ಅಧಿಕಾರಿಗಳಿಗೆ ಸೂಚನೆ ನೀಡಿದರು. ಸಭೆಯಲ್ಲಿ ಜಿಲ್ಲಾ ಆರೋಗ್ಯ ಮತ್ತು ಕುಟುಂಬ ಕಲ್ಯಾಣಾಧಿಕಾರಿ ಡಾ. ಚಂದ್ರ ಶೇಖರ್, ಡಿ.ಎಂ.ಒ ಜಿಲ್ಲಾ ಸರ್ವೆಲೆನ್ಸ್ ಅಧಿಕಾರಿ ಡಾ. ರಾಮೇಗೌಡ, ಜಿಲ್ಲಾ ಶಸ್ತ್ರಚಿಕಿತ್ಸಕ ಡಾ. ಅಸ್ಗರ್ ಬೇಗ್ ಸೇರಿದಂತೆ ಮತ್ತಿತರ ಅಧಿಕಾರಿಗಳು ಭಾಗವಹಿಸಿದ್ದರು.
ಪ್ರಥಮ ಪಿ.ಯು.ಸಿ ತರಗತಿ ಪ್ರವೇಶಕ್ಕಾಗಿ ಆನ್‌ಲೈನ್ ಅರ್ಜಿ ಆಹ್ವಾನ
ತುಮಕೂರು : ಜಿಲ್ಲಾ ಅಲ್ಪಸಂಖ್ಯಾತರ ಕಲ್ಯಾಣ ಇಲಾಖೆ ಅಧೀನದಲ್ಲಿ ಕಾರ್ಯನಿರ್ವಹಿಸುತ್ತಿರುವ ಡಾ. ಎ.ಪಿ.ಜೆ. ಅಬ್ದುಲ್ ಕಲಾಂ ವಸತಿ ಪದವಿ ಪೂರ್ವ ಕಾಲೇಜು, ಉತ್ಕೃಷ್ಟತಾ ಕೇಂದ್ರದ ಮೊರಾರ್ಜಿ ದೇಸಾಯಿ ವಸತಿ ಪದವಿ ಪೂರ್ವ ಕಾಲೇಜು/ಮೌಲಾನಾ ಆಜಾದ್ ಪದವಿ ಪೂರ್ವ ಕಾಲೇಜುಗಳಲ್ಲಿ 2025-26ನೇ ಶೈಕ್ಷಣಿಕ ಸಾಲಿನ ಪ್ರಥಮ ಪಿ.ಯು.ಸಿ ತರಗತಿ ಪ್ರವೇಶಕ್ಕಾಗಿ ಆನ್‌ಲೈನ್ ಮೂಲಕ ಅರ್ಜಿ ಆಹ್ವಾನಿಸಲಾಗಿದೆ. ವಸತಿ ಪದವಿ ಪೂರ್ವ ಕಾಲೇಜುಗಳಲ್ಲಿ ಅಲ್ಪಸಂಖ್ಯಾತರ ಸಮುದಾಯಕ್ಕೆ ಸೇರಿದ ಮುಸ್ಲಿಂ, ಕ್ರಿಶ್ಚಿಯನ್, ಜೈನ್, ಬೌದ್ಧ, ಸಿಖ್ ಮತ್ತು ಪಾರ್ಸಿ ವಿದ್ಯಾರ್ಥಿಗಳಿಗೆ ಶೇ.75ರಷ್ಟು ಹಾಗೂ
ಪರಿಶಿಷ್ಟ ಜಾತಿ, ಪರಿಶಿಷ್ಟ ಪಂಗಡ, ಇತರೆ ಹಿಂದುಳಿದ ವರ್ಗದ ವಿದ್ಯಾರ್ಥಿಗಳಿಗೆ ಶೇ.25ರಷ್ಟು ಸ್ಥಾನಗಳನ್ನು ಮೀಸಲಿರಿಸಲಾಗಿದೆ. ಈ ಪೈಕಿ ವಿಕಲಚೇತನರಿಗೆ ಶೇ.4ರಷ್ಟು ಪ್ರವೇಶ ಮೀಸಲಾಗಿದೆ. ಅರ್ಜಿ ಸಲ್ಲಿಸುವ ವಿದ್ಯಾರ್ಥಿಗಳು ಕರ್ನಾಟಕ ರಾಜ್ಯದ ನಿವಾಸಿಯಾಗಿದ್ದು, ಕುಟುಂಬದ ವಾರ್ಷಿಕ ಆದಾಯ 2.50 ಲಕ್ಷ ರೂ. ಮೀರಿರಬಾರದು. ಅಲ್ಪಸಂಖ್ಯಾತರ ಯಾವುದೇ ವಸತಿ ಶಾಲೆ/ಸರ್ಕಾರಿ/ಸರ್ಕಾರದಿಂದ ಅನುಮೋದಿಸಲ್ಪಟ್ಟ ಶಾಲೆಗಳಲ್ಲಿ 10ನೇ ತರಗತಿಯಲ್ಲಿ ಅಧ್ಯಯನ ಮಾಡಿ ಉತ್ತೀರ್ಣರಾಗಿರಬೇಕು.
ಆಸಕ್ತ ವಿದ್ಯಾರ್ಥಿಗಳು ಅಲ್ಪಸಂಖ್ಯಾತರ ಮೊರಾರ್ಜಿ ದೇಸಾಯಿ/ ಡಾ: ಎ.ಪಿ.ಜೆ. ಅಬ್ದುಲ್ ಕಲಾಂ ವಸತಿ ಕಾಲೇಜು/ ಶಾಲೆ, ಇಂಟಿಗ್ರೇಟೆಡ್ ಶಾಲೆ ಅಥವಾ ಜಿಲ್ಲಾ ಅಲ್ಪಸಂಖ್ಯಾತರ ಮಾಹಿತಿ ಕೇಂದ್ರಗಳಲ್ಲಿ ಉಚಿತವಾಗಿ ಜಾಲತಾಣ : https://sevasindhuservices.karnataka.gov.in ಮೂಲಕ ಮೇ 17ರೊಳಗಾಗಿ ಅರ್ಜಿ ಸಲ್ಲಿಸಬಹುದು. ಹೆಚ್ಚಿನ ಮಾಹಿತಿಗಾಗಿ ಜಿಲ್ಲಾ ಅಧಿಕಾರಿ, ಜಿಲ್ಲಾ ಅಲ್ಪಸಂಖ್ಯಾತರ ಕಲ್ಯಾಣ ಇಲಾಖೆ, ಮೌಲಾನಾ ಆಜಾದ್ ಭವನ, ಇಂದಿರಾ ಕಾಲೋನಿ ಮುಖ್ಯರಸ್ತೆ, ಉಪ್ಪಾರಹಳ್ಳಿ, ತುಮಕೂರು ಅಥವಾ ದೂ.ವಾ.ಸಂ. 0816-2273724ನ್ನು ಸಂಪರ್ಕಿಸಬಹುದೆಂದು ಇಲಾಖೆಯ ಪ್ರಕಟಣೆ ತಿಳಿಸಿದೆ.
